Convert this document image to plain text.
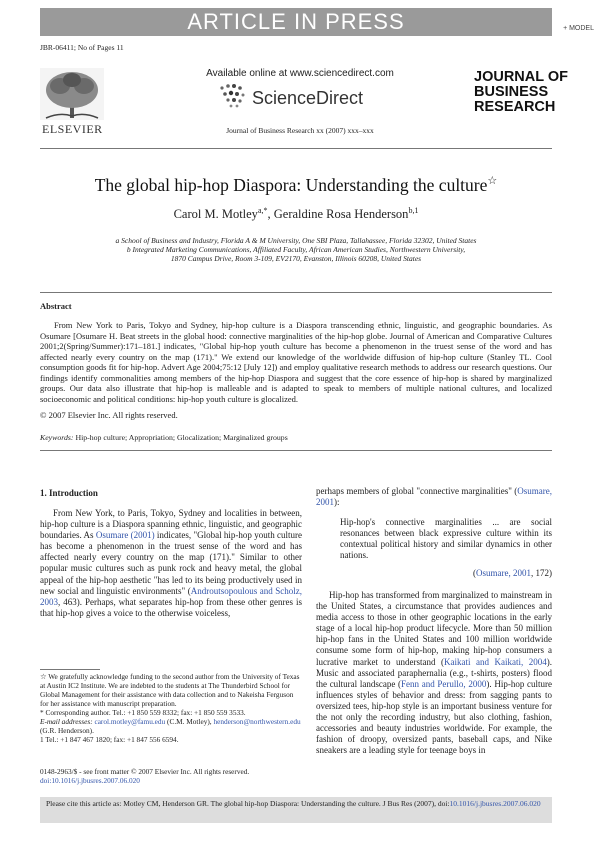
ARTICLE IN PRESS	+ MODEL
JBR-06411; No of Pages 11
ELSEVIER
Available online at www.sciencedirect.com
ScienceDirect
Journal of Business Research xx (2007) xxx–xxx
JOURNAL OF
BUSINESS
RESEARCH
The global hip-hop Diaspora: Understanding the culture☆
Carol M. Motley$^{a,*}$, Geraldine Rosa Henderson$^{b,1}$
a School of Business and Industry, Florida A & M University, One SBI Plaza, Tallahassee, Florida 32302, United States
b Integrated Marketing Communications, Affiliated Faculty, African American Studies, Northwestern University,
1870 Campus Drive, Room 3-109, EV2170, Evanston, Illinois 60208, United States
Abstract

From New York to Paris, Tokyo and Sydney, hip-hop culture is a Diaspora transcending ethnic, linguistic, and geographic boundaries. As Osumare [Osumare H. Beat streets in the global hood: connective marginalities of the hip-hop globe. Journal of American and Comparative Cultures 2001;2(Spring/Summer):171–181.] indicates, "Global hip-hop youth culture has become a phenomenon in the truest sense of the word and has affected nearly every country on the map (171)." We extend our knowledge of the worldwide diffusion of hip-hop culture (Stanley TL. Cool consumption goods fit for hip-hop. Advert Age 2004;75:12 [July 12]) and employ qualitative research methods to address our research questions. Our findings identify commonalities among members of the hip-hop Diaspora and suggest that the core essence of hip-hop is shared by marginalized groups. Our data also illustrate that hip-hop is malleable and is adapted to speak to members of multiple national cultures, and localized socioeconomic and political conditions: hip-hop youth culture is glocalized.

© 2007 Elsevier Inc. All rights reserved.
Keywords: Hip-hop culture; Appropriation; Glocalization; Marginalized groups
1. Introduction

From New York, to Paris, Tokyo, Sydney and localities in between, hip-hop culture is a Diaspora spanning ethnic, linguistic, and geographic boundaries. As Osumare (2001) indicates, "Global hip-hop youth culture has become a phenomenon in the truest sense of the word and has affected nearly every country on the map (171)." Similar to other popular music cultures such as punk rock and heavy metal, the global appeal of the hip-hop aesthetic "has led to its being productively used in new social and linguistic environments" (Androutsopoulous and Scholz, 2003, 463). Perhaps, what separates hip-hop from these other genres is that hip-hop gives a voice to the otherwise voiceless,

perhaps members of global "connective marginalities" (Osumare, 2001):
Hip-hop's connective marginalities ... are social resonances between black expressive culture within its contextual political history and similar dynamics in other nations.
(Osumare, 2001, 172)

Hip-hop has transformed from marginalized to mainstream in the United States, a circumstance that provides audiences and media access to those in other geographic locations in the early stage of a local hip-hop product lifecycle. More than 50 million hip-hop fans in the United States and 100 million worldwide consume some form of hip-hop, making hip-hop consumers a lucrative market to understand (Kaikati and Kaikati, 2004). Music and associated paraphernalia (e.g., t-shirts, posters) flood the cultural landscape (Fenn and Perullo, 2000). Hip-hop culture influences styles of behavior and dress: from sagging pants to oversized tees, hip-hop style is an important business venture for the not only the recording industry, but also clothing, fashion, accessories and beauty industries worldwide. For example, the fashion of droopy, oversized pants, baseball caps, and Nike sneakers are a leading style for teenage boys in

☆ We gratefully acknowledge funding to the second author from the University of Texas at Austin IC2 Institute. We are indebted to the students at The Thunderbird School for Global Management for their assistance with data collection and to Nakeisha Ferguson for her assistance with manuscript preparation.

* Corresponding author. Tel.: +1 850 559 8332; fax: +1 850 559 3533.

E-mail addresses: carol.motley@famu.edu (C.M. Motley), henderson@northwestern.edu (G.R. Henderson).

1 Tel.: +1 847 467 1820; fax: +1 847 556 6594.

0148-2963/$ - see front matter © 2007 Elsevier Inc. All rights reserved.
doi:10.1016/j.jbusres.2007.06.020
Please cite this article as: Motley CM, Henderson GR. The global hip-hop Diaspora: Understanding the culture. J Bus Res (2007), doi:10.1016/j.jbusres.2007.06.020
